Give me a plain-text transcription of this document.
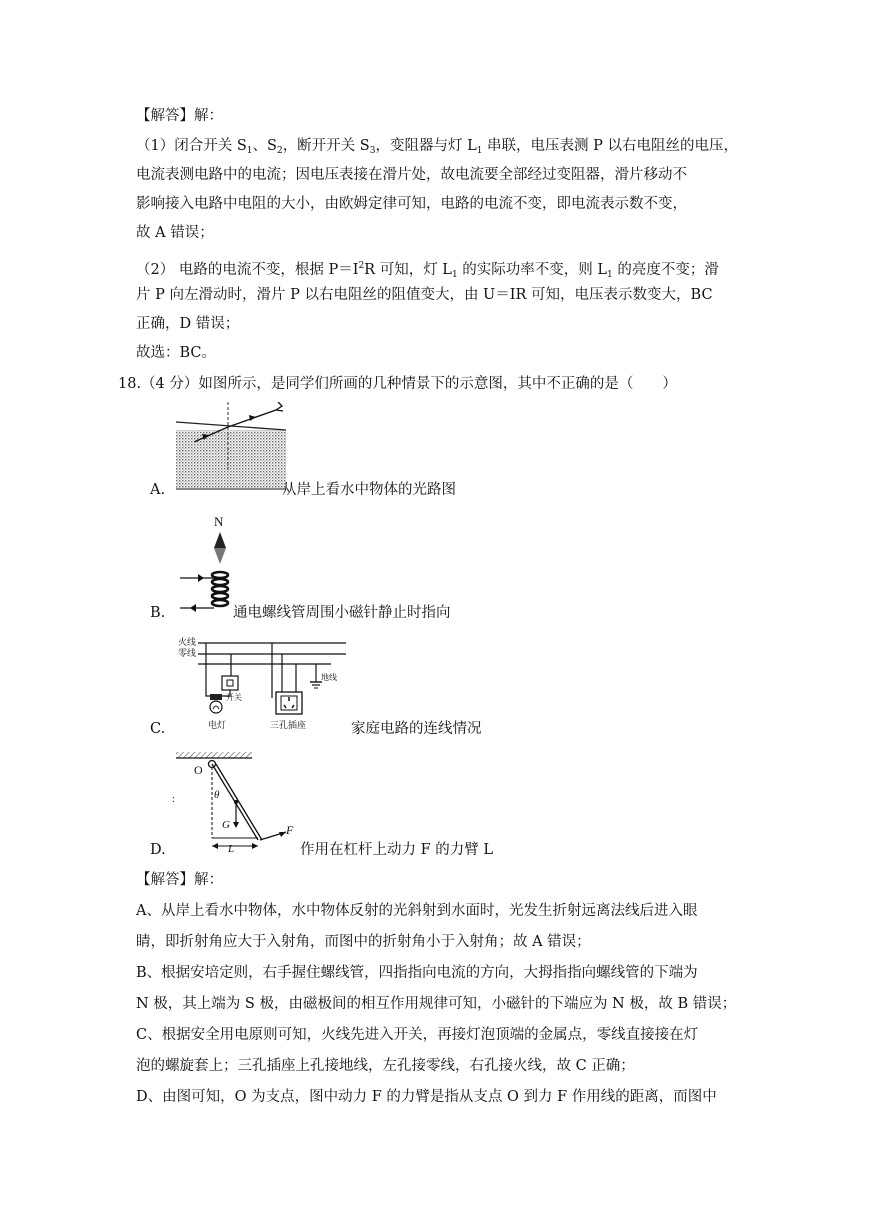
【解答】解：
（1）闭合开关 $S_1$、$S_2$，断开开关 $S_3$，变阻器与灯 $L_1$ 串联，电压表测 P 以右电阻丝的电压，
电流表测电路中的电流；因电压表接在滑片处，故电流要全部经过变阻器，滑片移动不
影响接入电路中电阻的大小，由欧姆定律可知，电路的电流不变，即电流表示数不变，
故 A 错误；
（2） 电路的电流不变，根据 $P=I^2R$ 可知，灯 $L_1$ 的实际功率不变，则 $L_1$ 的亮度不变；滑
片 P 向左滑动时，滑片 P 以右电阻丝的阻值变大，由 U＝IR 可知，电压表示数变大，BC
正确，D 错误；
故选：BC。
18.（4 分）如图所示，是同学们所画的几种情景下的示意图，其中不正确的是（　　）
A.	从岸上看水中物体的光路图
N
B.	通电螺线管周围小磁针静止时指向
火线
零线
地线
开关
电灯	三孔插座
C.	家庭电路的连线情况
O
θ
G
L
F
:
D.	作用在杠杆上动力 F 的力臂 L
【解答】解：
A、从岸上看水中物体，水中物体反射的光斜射到水面时，光发生折射远离法线后进入眼
睛，即折射角应大于入射角，而图中的折射角小于入射角；故 A 错误；
B、根据安培定则，右手握住螺线管，四指指向电流的方向，大拇指指向螺线管的下端为
N 极，其上端为 S 极，由磁极间的相互作用规律可知，小磁针的下端应为 N 极，故 B 错误；
C、根据安全用电原则可知，火线先进入开关，再接灯泡顶端的金属点，零线直接接在灯
泡的螺旋套上；三孔插座上孔接地线，左孔接零线，右孔接火线，故 C 正确；
D、由图可知，O 为支点，图中动力 F 的力臂是指从支点 O 到力 F 作用线的距离，而图中
